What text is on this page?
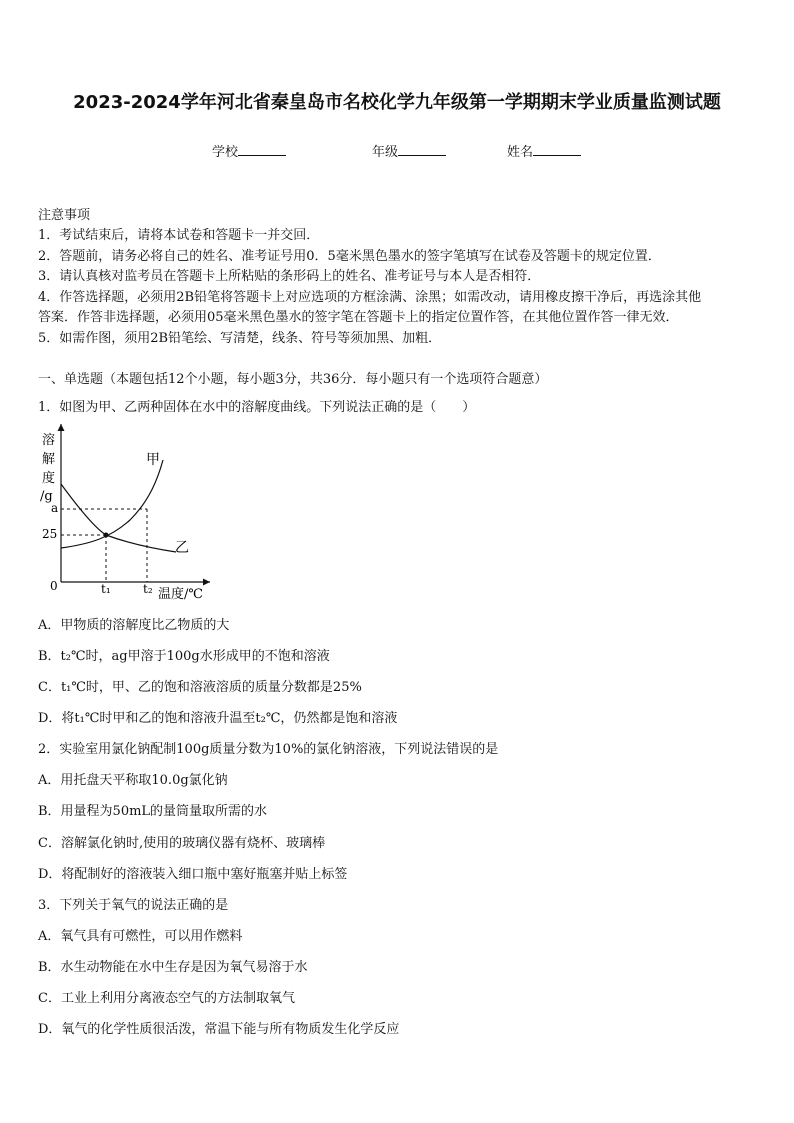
2023-2024学年河北省秦皇岛市名校化学九年级第一学期期末学业质量监测试题
学校	年级	姓名
注意事项
1．考试结束后，请将本试卷和答题卡一并交回．
2．答题前，请务必将自己的姓名、准考证号用0．5毫米黑色墨水的签字笔填写在试卷及答题卡的规定位置．
3．请认真核对监考员在答题卡上所粘贴的条形码上的姓名、准考证号与本人是否相符．
4．作答选择题，必须用2B铅笔将答题卡上对应选项的方框涂满、涂黑；如需改动，请用橡皮擦干净后，再选涂其他
答案．作答非选择题，必须用05毫米黑色墨水的签字笔在答题卡上的指定位置作答，在其他位置作答一律无效．
5．如需作图，须用2B铅笔绘、写清楚，线条、符号等须加黑、加粗．
一、单选题（本题包括12个小题，每小题3分，共36分．每小题只有一个选项符合题意）
1．如图为甲、乙两种固体在水中的溶解度曲线。下列说法正确的是（　　）
溶
解
度
/g
a
25
0	t₁	t₂ 温度/℃
甲
乙
A．甲物质的溶解度比乙物质的大
B．t₂℃时，ag甲溶于100g水形成甲的不饱和溶液
C．t₁℃时，甲、乙的饱和溶液溶质的质量分数都是25%
D．将t₁℃时甲和乙的饱和溶液升温至t₂℃，仍然都是饱和溶液
2．实验室用氯化钠配制100g质量分数为10%的氯化钠溶液，下列说法错误的是
A．用托盘天平称取10.0g氯化钠
B．用量程为50mL的量筒量取所需的水
C．溶解氯化钠时,使用的玻璃仪器有烧杯、玻璃棒
D．将配制好的溶液装入细口瓶中塞好瓶塞并贴上标签
3．下列关于氧气的说法正确的是
A．氧气具有可燃性，可以用作燃料
B．水生动物能在水中生存是因为氧气易溶于水
C．工业上利用分离液态空气的方法制取氧气
D．氧气的化学性质很活泼，常温下能与所有物质发生化学反应
